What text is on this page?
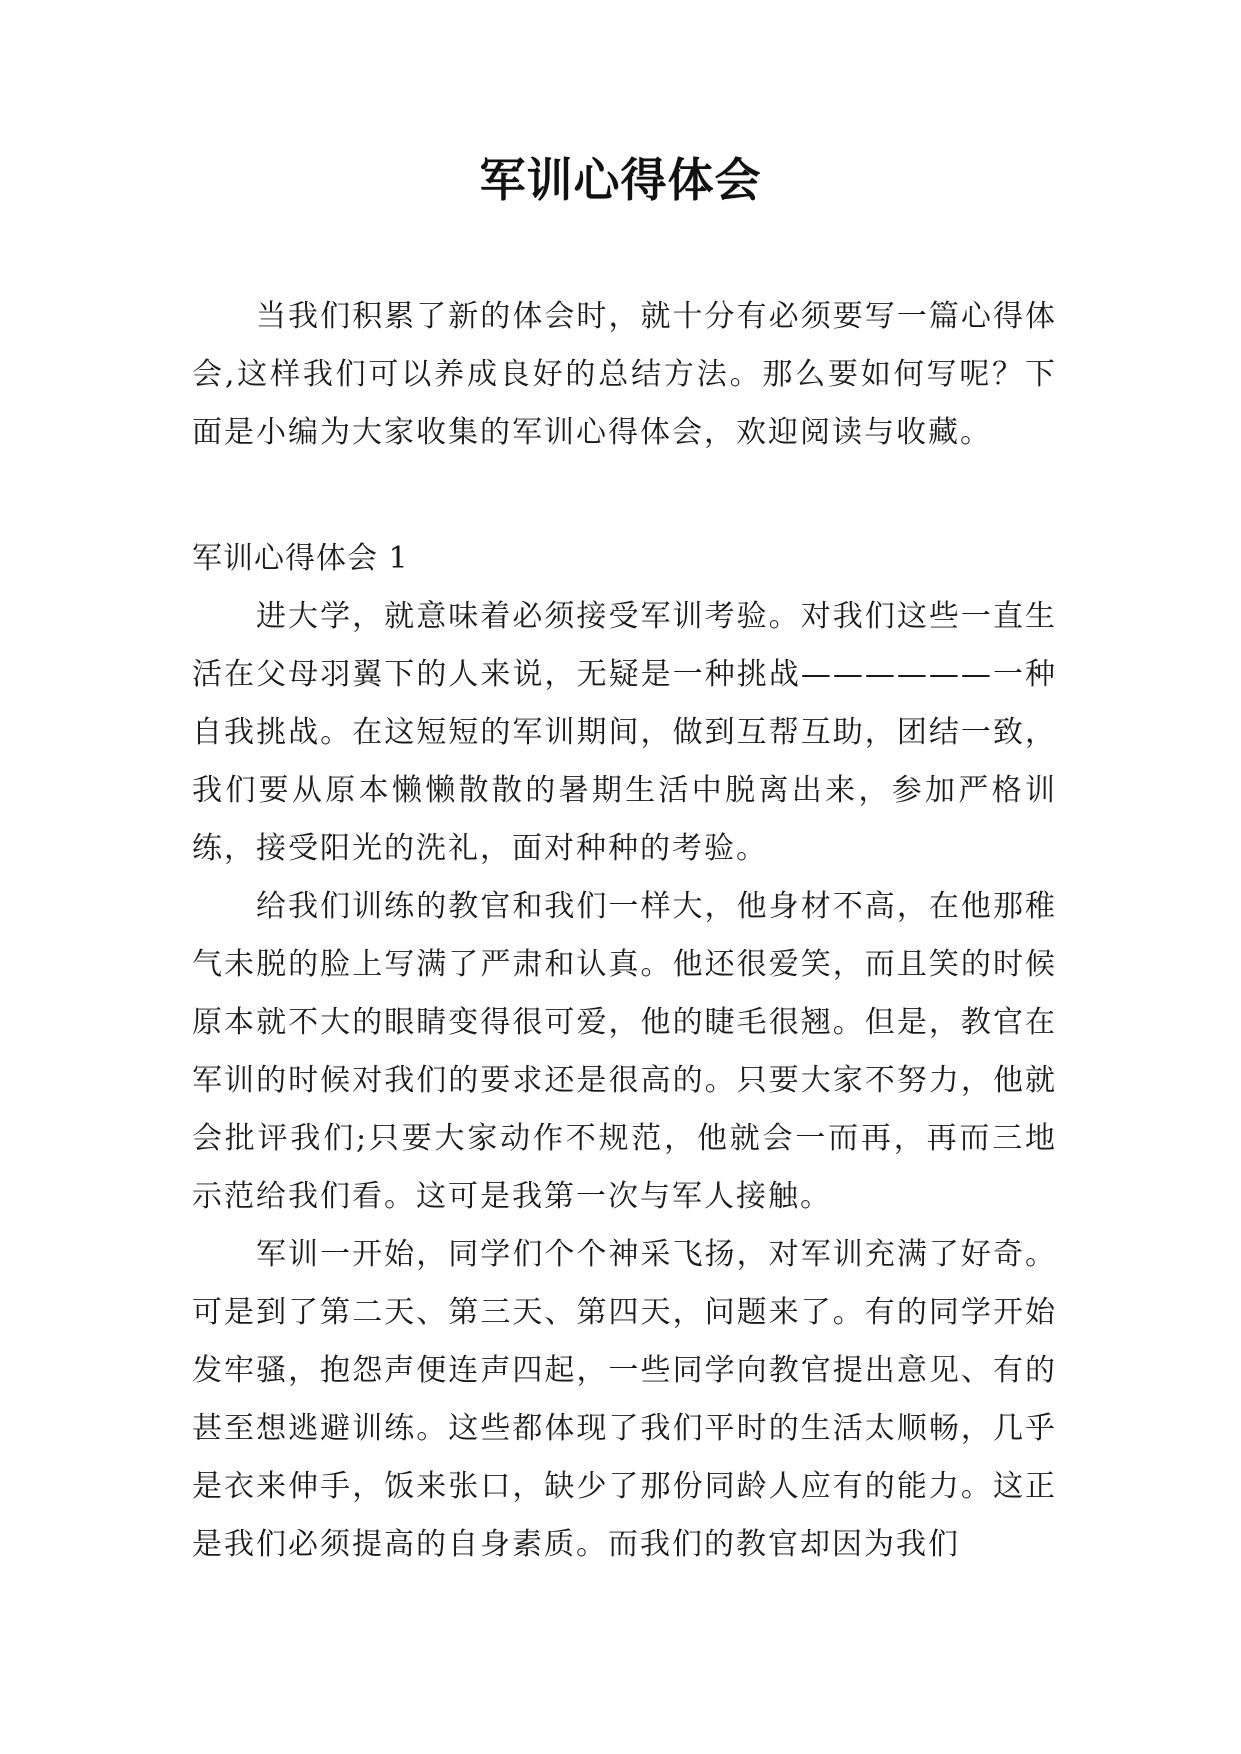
军训心得体会

当我们积累了新的体会时，就十分有必须要写一篇心得体会,这样我们可以养成良好的总结方法。那么要如何写呢？下面是小编为大家收集的军训心得体会，欢迎阅读与收藏。

军训心得体会 1

进大学，就意味着必须接受军训考验。对我们这些一直生活在父母羽翼下的人来说，无疑是一种挑战——————一种自我挑战。在这短短的军训期间，做到互帮互助，团结一致，我们要从原本懒懒散散的暑期生活中脱离出来，参加严格训练，接受阳光的洗礼，面对种种的考验。

给我们训练的教官和我们一样大，他身材不高，在他那稚气未脱的脸上写满了严肃和认真。他还很爱笑，而且笑的时候原本就不大的眼睛变得很可爱，他的睫毛很翘。但是，教官在军训的时候对我们的要求还是很高的。只要大家不努力，他就会批评我们;只要大家动作不规范，他就会一而再，再而三地示范给我们看。这可是我第一次与军人接触。

军训一开始，同学们个个神采飞扬，对军训充满了好奇。可是到了第二天、第三天、第四天，问题来了。有的同学开始发牢骚，抱怨声便连声四起，一些同学向教官提出意见、有的甚至想逃避训练。这些都体现了我们平时的生活太顺畅，几乎是衣来伸手，饭来张口，缺少了那份同龄人应有的能力。这正是我们必须提高的自身素质。而我们的教官却因为我们
